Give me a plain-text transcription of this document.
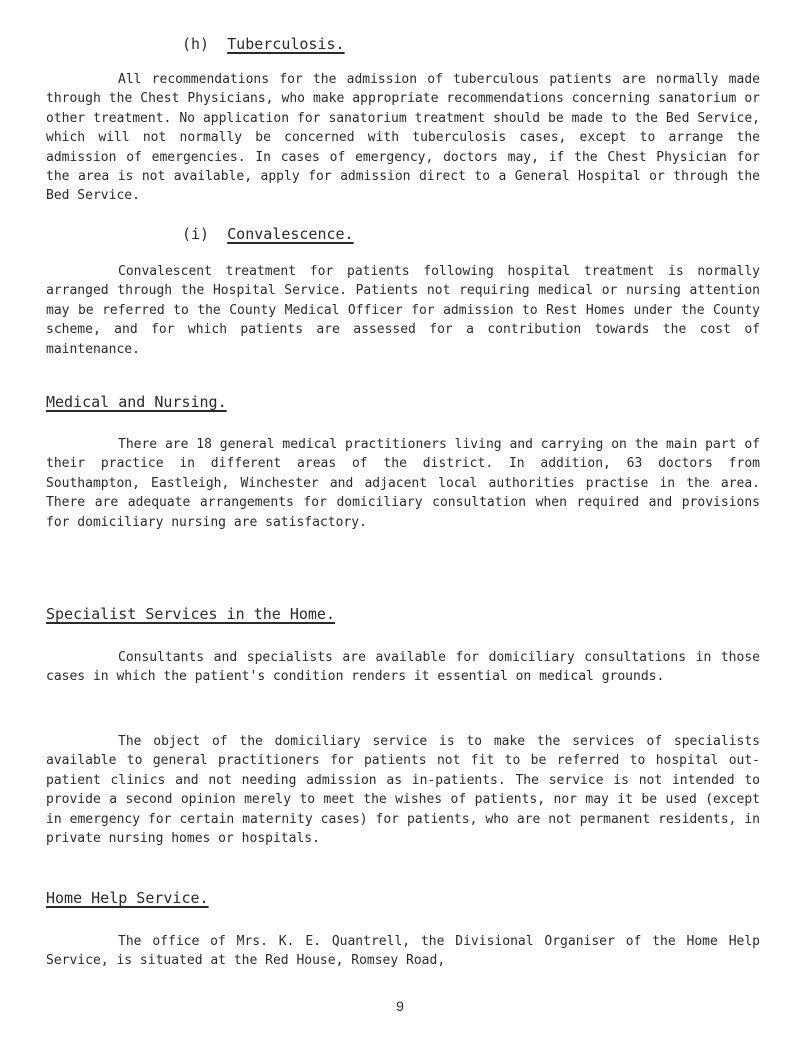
(h) Tuberculosis.

All recommendations for the admission of tuberculous patients are normally made through the Chest Physicians, who make appropriate recommendations concerning sanatorium or other treatment. No application for sanatorium treatment should be made to the Bed Service, which will not normally be concerned with tuberculosis cases, except to arrange the admission of emergencies. In cases of emergency, doctors may, if the Chest Physician for the area is not available, apply for admission direct to a General Hospital or through the Bed Service.

(i) Convalescence.

Convalescent treatment for patients following hospital treatment is normally arranged through the Hospital Service. Patients not requiring medical or nursing attention may be referred to the County Medical Officer for admission to Rest Homes under the County scheme, and for which patients are assessed for a contribution towards the cost of maintenance.

Medical and Nursing.

There are 18 general medical practitioners living and carrying on the main part of their practice in different areas of the district. In addition, 63 doctors from Southampton, Eastleigh, Winchester and adjacent local authorities practise in the area. There are adequate arrangements for domiciliary consultation when required and provisions for domiciliary nursing are satisfactory.

Specialist Services in the Home.

Consultants and specialists are available for domiciliary consultations in those cases in which the patient's condition renders it essential on medical grounds.

The object of the domiciliary service is to make the services of specialists available to general practitioners for patients not fit to be referred to hospital out-patient clinics and not needing admission as in-patients. The service is not intended to provide a second opinion merely to meet the wishes of patients, nor may it be used (except in emergency for certain maternity cases) for patients, who are not permanent residents, in private nursing homes or hospitals.

Home Help Service.

The office of Mrs. K. E. Quantrell, the Divisional Organiser of the Home Help Service, is situated at the Red House, Romsey Road,

9
